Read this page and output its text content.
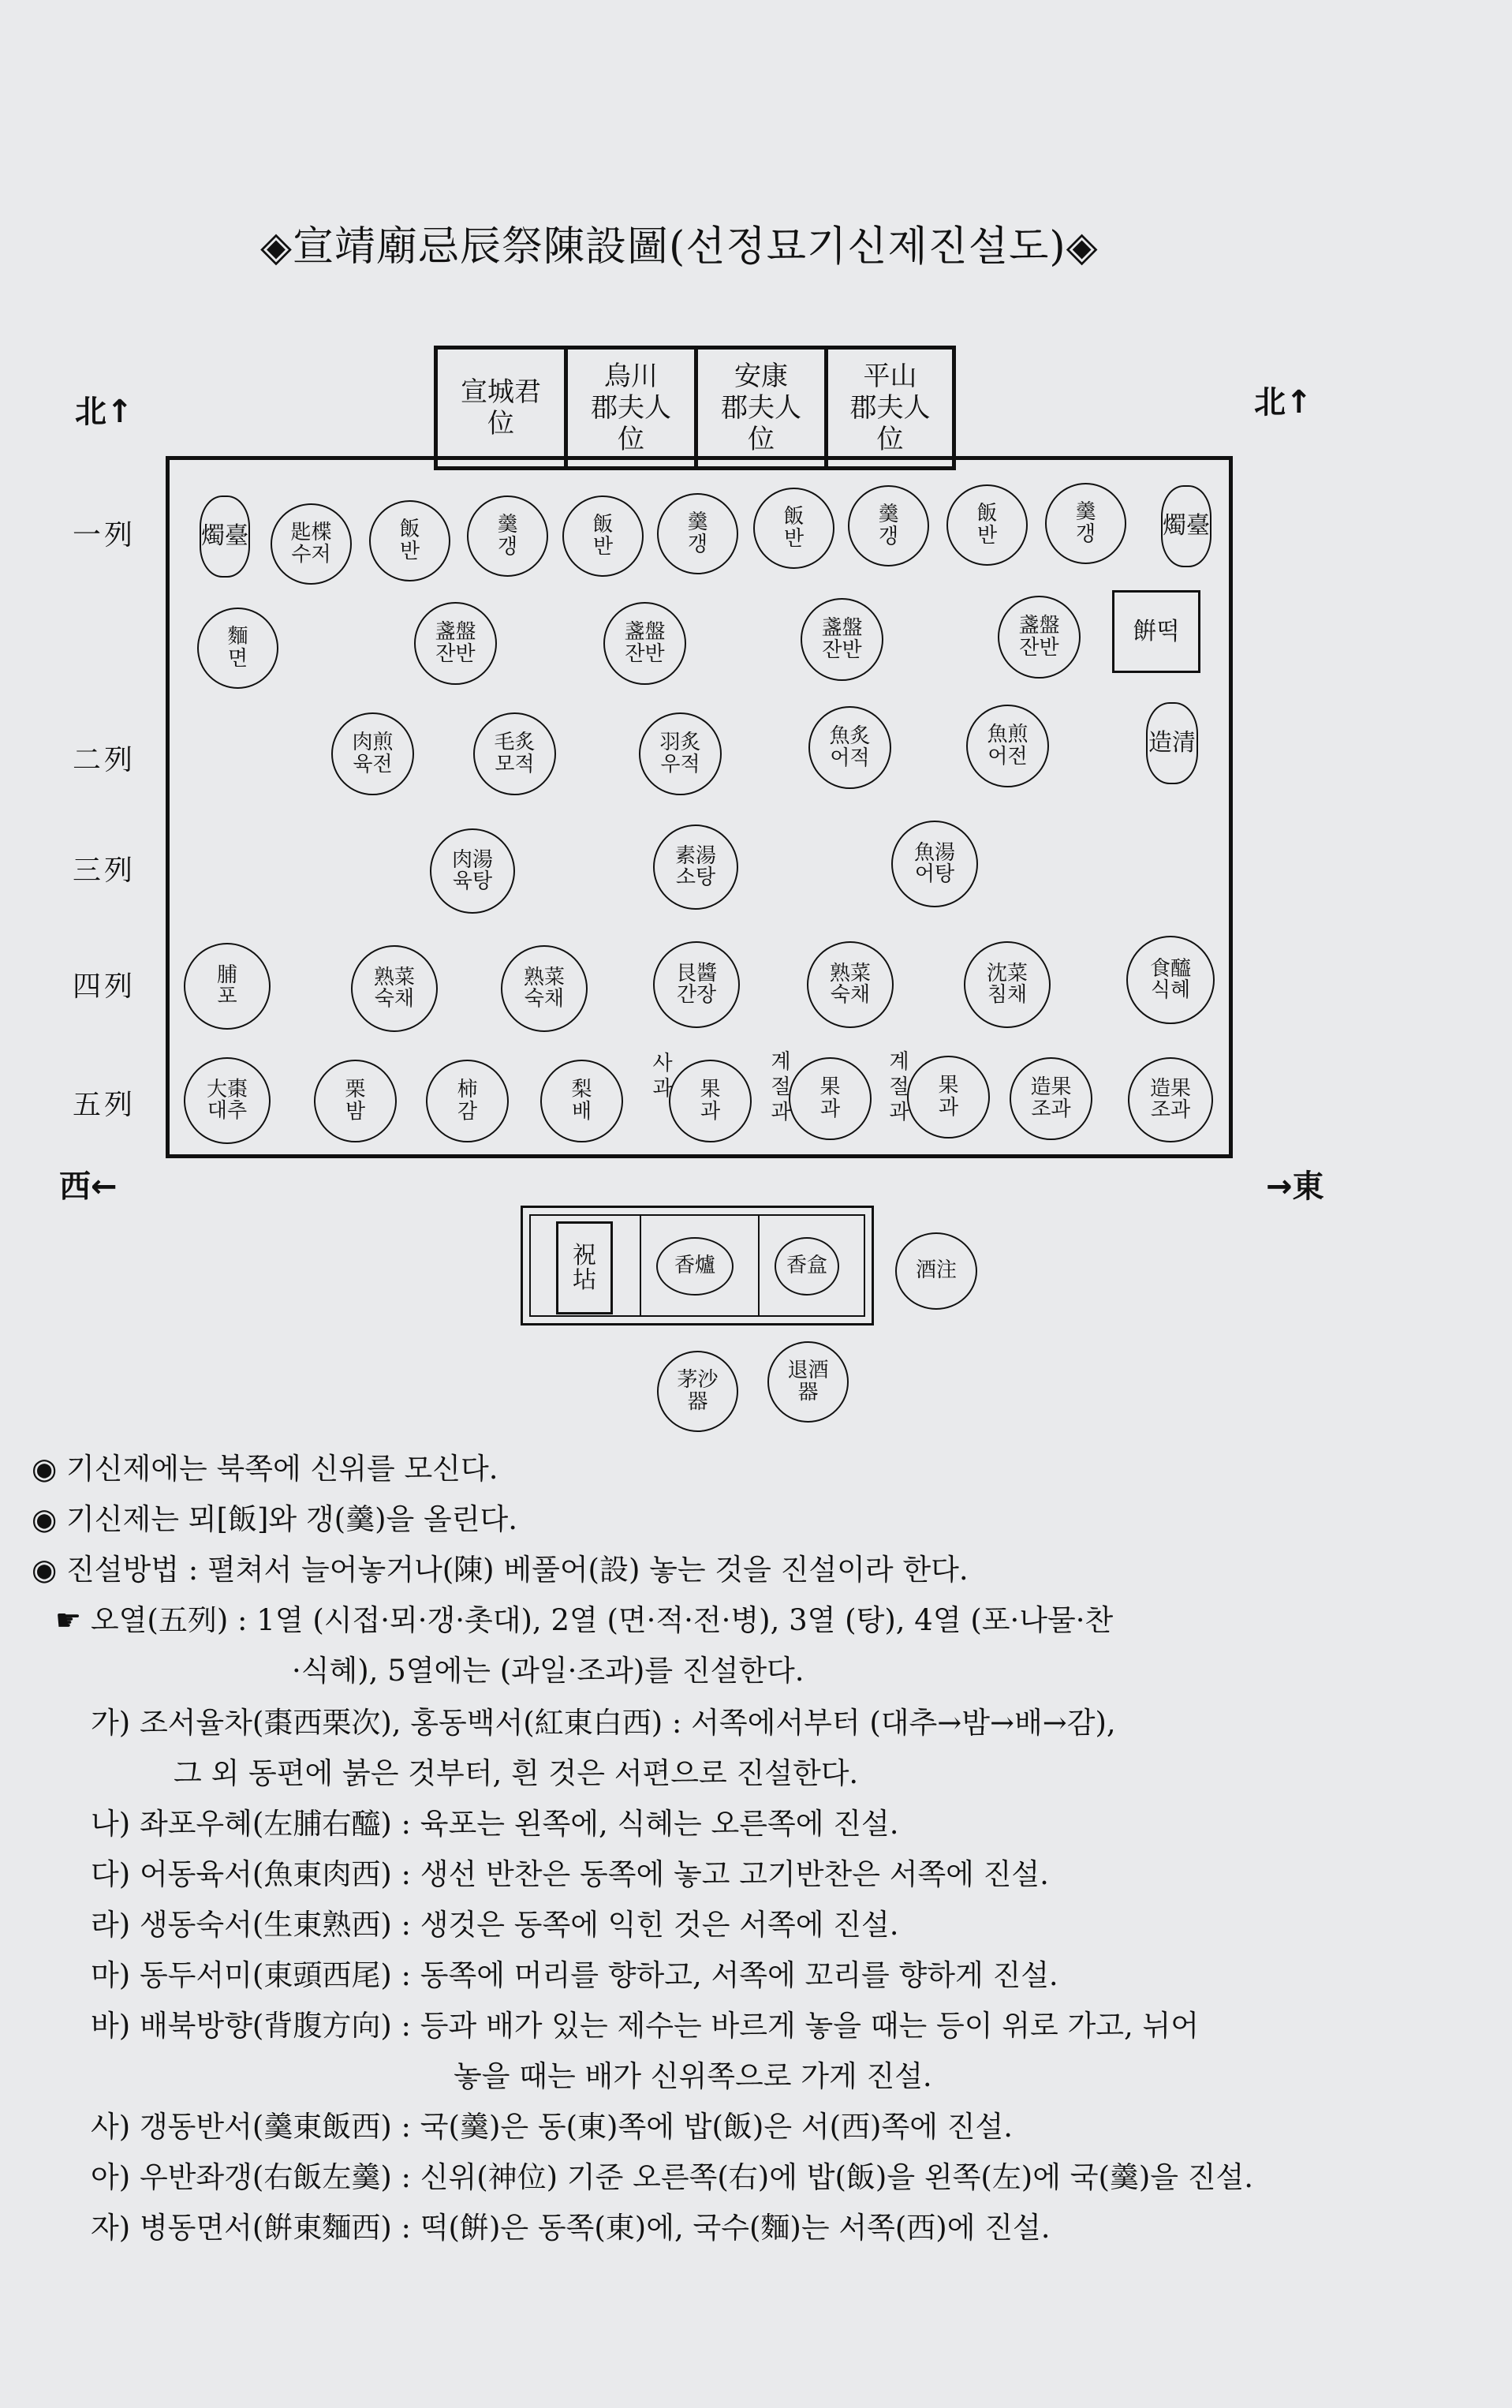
◈宣靖廟忌辰祭陳設圖(선정묘기신제진설도)◈
北↑	北↑
西←	→東
一列
二列
三列
四列
五列
宣城君
位
烏川
郡夫人
位
安康
郡夫人
位
平山
郡夫人
位
燭臺 匙楪
수저
飯
반
羹
갱
飯
반
羹
갱
飯
반
羹
갱
飯
반
羹
갱	燭臺
麵
면
盞盤
잔반
盞盤
잔반
盞盤
잔반
盞盤
잔반
餠떡
肉煎
육전
毛炙
모적
羽炙
우적
魚炙
어적
魚煎
어전	造清
肉湯
육탕
素湯
소탕
魚湯
어탕
脯
포
熟菜
숙채
熟菜
숙채
艮醬
간장
熟菜
숙채
沈菜
침채
食醯
식혜
大棗
대추
栗
밤
柿
감
梨
배
사과 果
과
계절과
果
과
계절과
果
과
造果
조과
造果
조과
祝坫
香爐	香盒	酒注
茅沙器
退酒器
◉ 기신제에는 북쪽에 신위를 모신다.
◉ 기신제는 뫼[飯]와 갱(羹)을 올린다.
◉ 진설방법 : 펼쳐서 늘어놓거나(陳) 베풀어(設) 놓는 것을 진설이라 한다.
☛ 오열(五列) : 1열 (시접·뫼·갱·촛대), 2열 (면·적·전·병), 3열 (탕), 4열 (포·나물·찬
·식혜), 5열에는 (과일·조과)를 진설한다.
가) 조서율차(棗西栗次), 홍동백서(紅東白西) : 서쪽에서부터 (대추→밤→배→감),
그 외 동편에 붉은 것부터, 흰 것은 서편으로 진설한다.
나) 좌포우혜(左脯右醯) : 육포는 왼쪽에, 식혜는 오른쪽에 진설.
다) 어동육서(魚東肉西) : 생선 반찬은 동쪽에 놓고 고기반찬은 서쪽에 진설.
라) 생동숙서(生東熟西) : 생것은 동쪽에 익힌 것은 서쪽에 진설.
마) 동두서미(東頭西尾) : 동쪽에 머리를 향하고, 서쪽에 꼬리를 향하게 진설.
바) 배북방향(背腹方向) : 등과 배가 있는 제수는 바르게 놓을 때는 등이 위로 가고, 뉘어
놓을 때는 배가 신위쪽으로 가게 진설.
사) 갱동반서(羹東飯西) : 국(羹)은 동(東)쪽에 밥(飯)은 서(西)쪽에 진설.
아) 우반좌갱(右飯左羹) : 신위(神位) 기준 오른쪽(右)에 밥(飯)을 왼쪽(左)에 국(羹)을 진설.
자) 병동면서(餠東麵西) : 떡(餠)은 동쪽(東)에, 국수(麵)는 서쪽(西)에 진설.
